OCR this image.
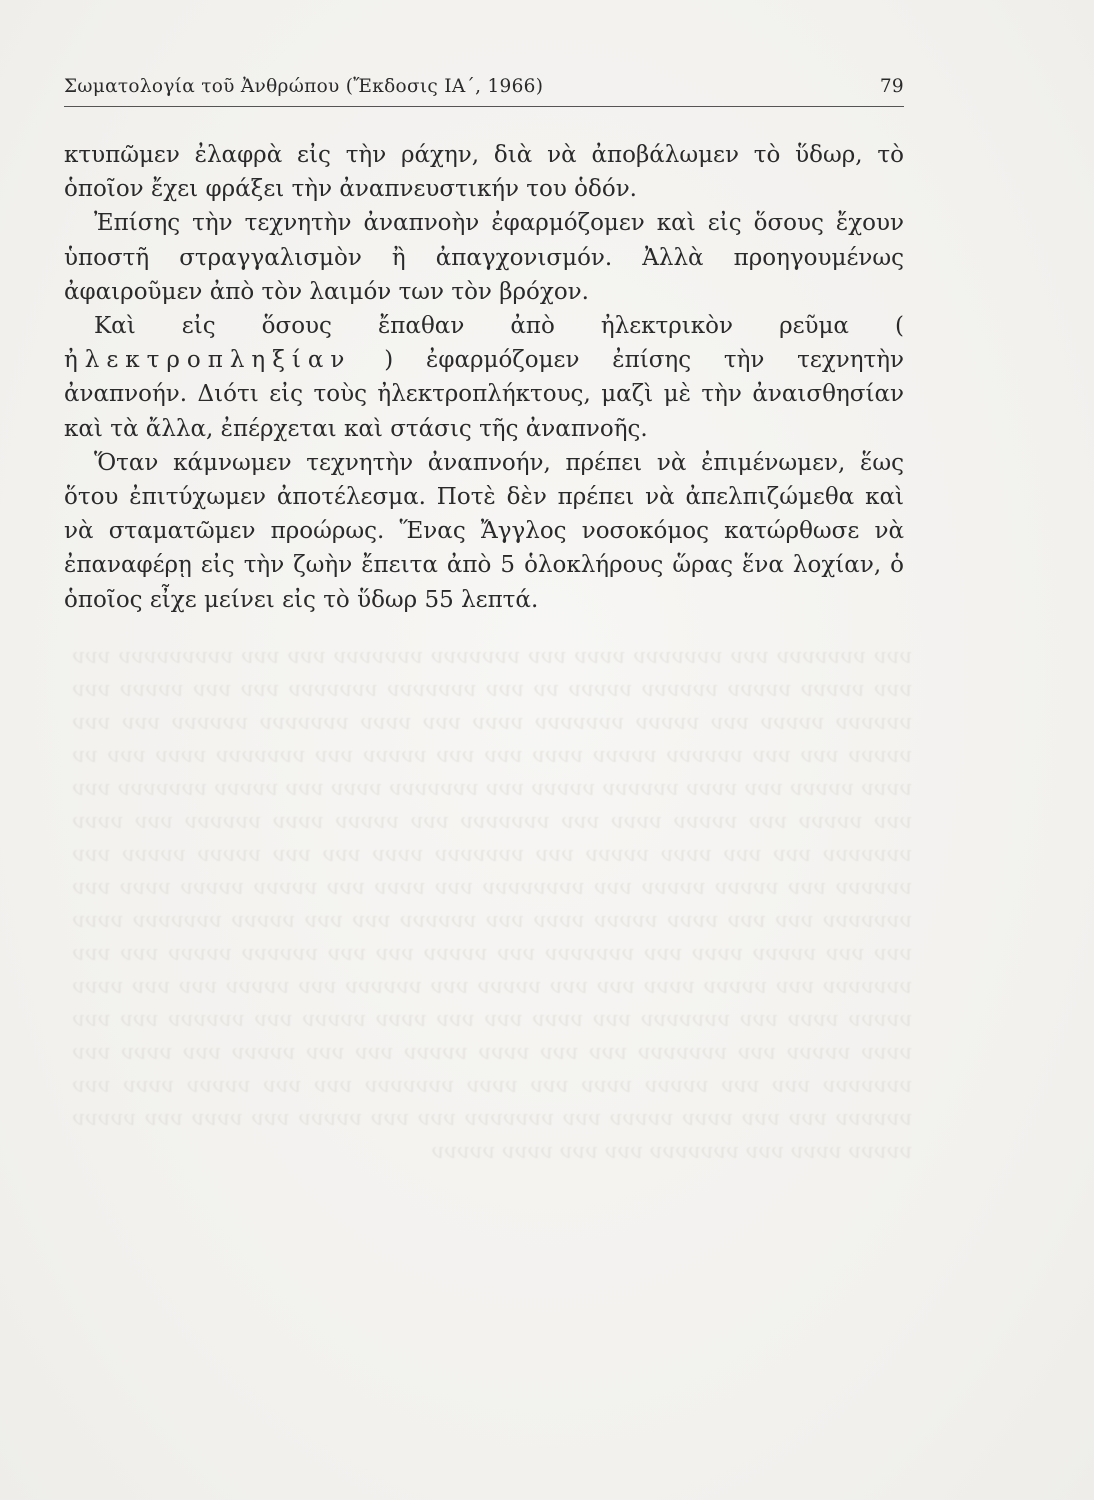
Σωματολογία τοῦ Ἀνθρώπου (Ἔκδοσις ΙΑ΄, 1966)	79

κτυπῶμεν ἐλαφρὰ εἰς τὴν ράχην, διὰ νὰ ἀποβάλωμεν τὸ ὕδωρ, τὸ ὁποῖον ἔχει φράξει τὴν ἀναπνευστικήν του ὁδόν.

Ἐπίσης τὴν τεχνητὴν ἀναπνοὴν ἐφαρμόζομεν καὶ εἰς ὅσους ἔχουν ὑποστῆ στραγγαλισμὸν ἢ ἀπαγχονισμόν. Ἀλλὰ προηγουμένως ἀφαιροῦμεν ἀπὸ τὸν λαιμόν των τὸν βρόχον.

Καὶ εἰς ὅσους ἔπαθαν ἀπὸ ἠλεκτρικὸν ρεῦμα ( ἠλεκτροπληξίαν ) ἐφαρμόζομεν ἐπίσης τὴν τεχνητὴν ἀναπνοήν. Διότι εἰς τοὺς ἠλεκτροπλήκτους, μαζὶ μὲ τὴν ἀναισθησίαν καὶ τὰ ἄλλα, ἐπέρχεται καὶ στάσις τῆς ἀναπνοῆς.

Ὅταν κάμνωμεν τεχνητὴν ἀναπνοήν, πρέπει νὰ ἐπιμένωμεν, ἕως ὅτου ἐπιτύχωμεν ἀποτέλεσμα. Ποτὲ δὲν πρέπει νὰ ἀπελπιζώμεθα καὶ νὰ σταματῶμεν προώρως. Ἕνας Ἄγγλος νοσοκόμος κατώρθωσε νὰ ἐπαναφέρῃ εἰς τὴν ζωὴν ἔπειτα ἀπὸ 5 ὁλοκλήρους ὥρας ἕνα λοχίαν, ὁ ὁποῖος εἶχε μείνει εἰς τὸ ὕδωρ 55 λεπτά.

ννν ννννννν ννν ννννννν νννν ννν ννννννν ννννννν ννν ννν ννννννννν ννν ννν ννννν ννννν νννννν ννννν νν ννν ννννννν ννννννν ννν ννν ννννν ννν νννννν ννννν ννν ννννν ννννννν νννν ννν νννν ννννννν νννννν ννν ννν ννννν ννν ννν νννννν ννννν νννν ννν ννν ννννν ννν ννννννν νννν ννν νν νννν ννννν ννν νννν νννννν ννννν ννν ννννννν νννν ννν ννννν ννννννν ννν ννν ννννν ννν ννννν νννν ννν ννννννν ννν ννννν νννν νννννν ννν νννν ννννννν ννν ννν νννν ννννν ννν ννννννν νννν ννν ννν ννννν ννννν ννν νννννν ννν ννννν ννννν ννν νννννννν ννν νννν ννν ννννν ννννν νννν ννν ννννννν ννν ννν νννν ννννν νννν ννν νννννν ννν ννν ννννν ννννννν νννν ννν ννν ννννν νννν ννν ννννννν ννν ννννν ννν ννν νννννν ννννν ννν ννν ννννννν ννν ννννν νννν ννν ννν ννννν ννν νννννν ννν ννννν ννν ννν νννν ννννν νννν ννν ννννννν ννν νννν ννν ννν νννν ννννν ννν νννννν ννν ννν νννν ννννν ννν ννννννν ννν ννν νννν ννννν ννν ννν ννννν ννν νννν ννν ννννννν ννν ννν ννννν νννν ννν νννν ννννννν ννν ννν ννννν νννν ννν νννννν ννν ννν νννν ννννν ννν ννννννν ννν ννν ννννν ννν νννν ννν ννννν ννννν νννν ννν ννννννν ννν ννν νννν ννννν
